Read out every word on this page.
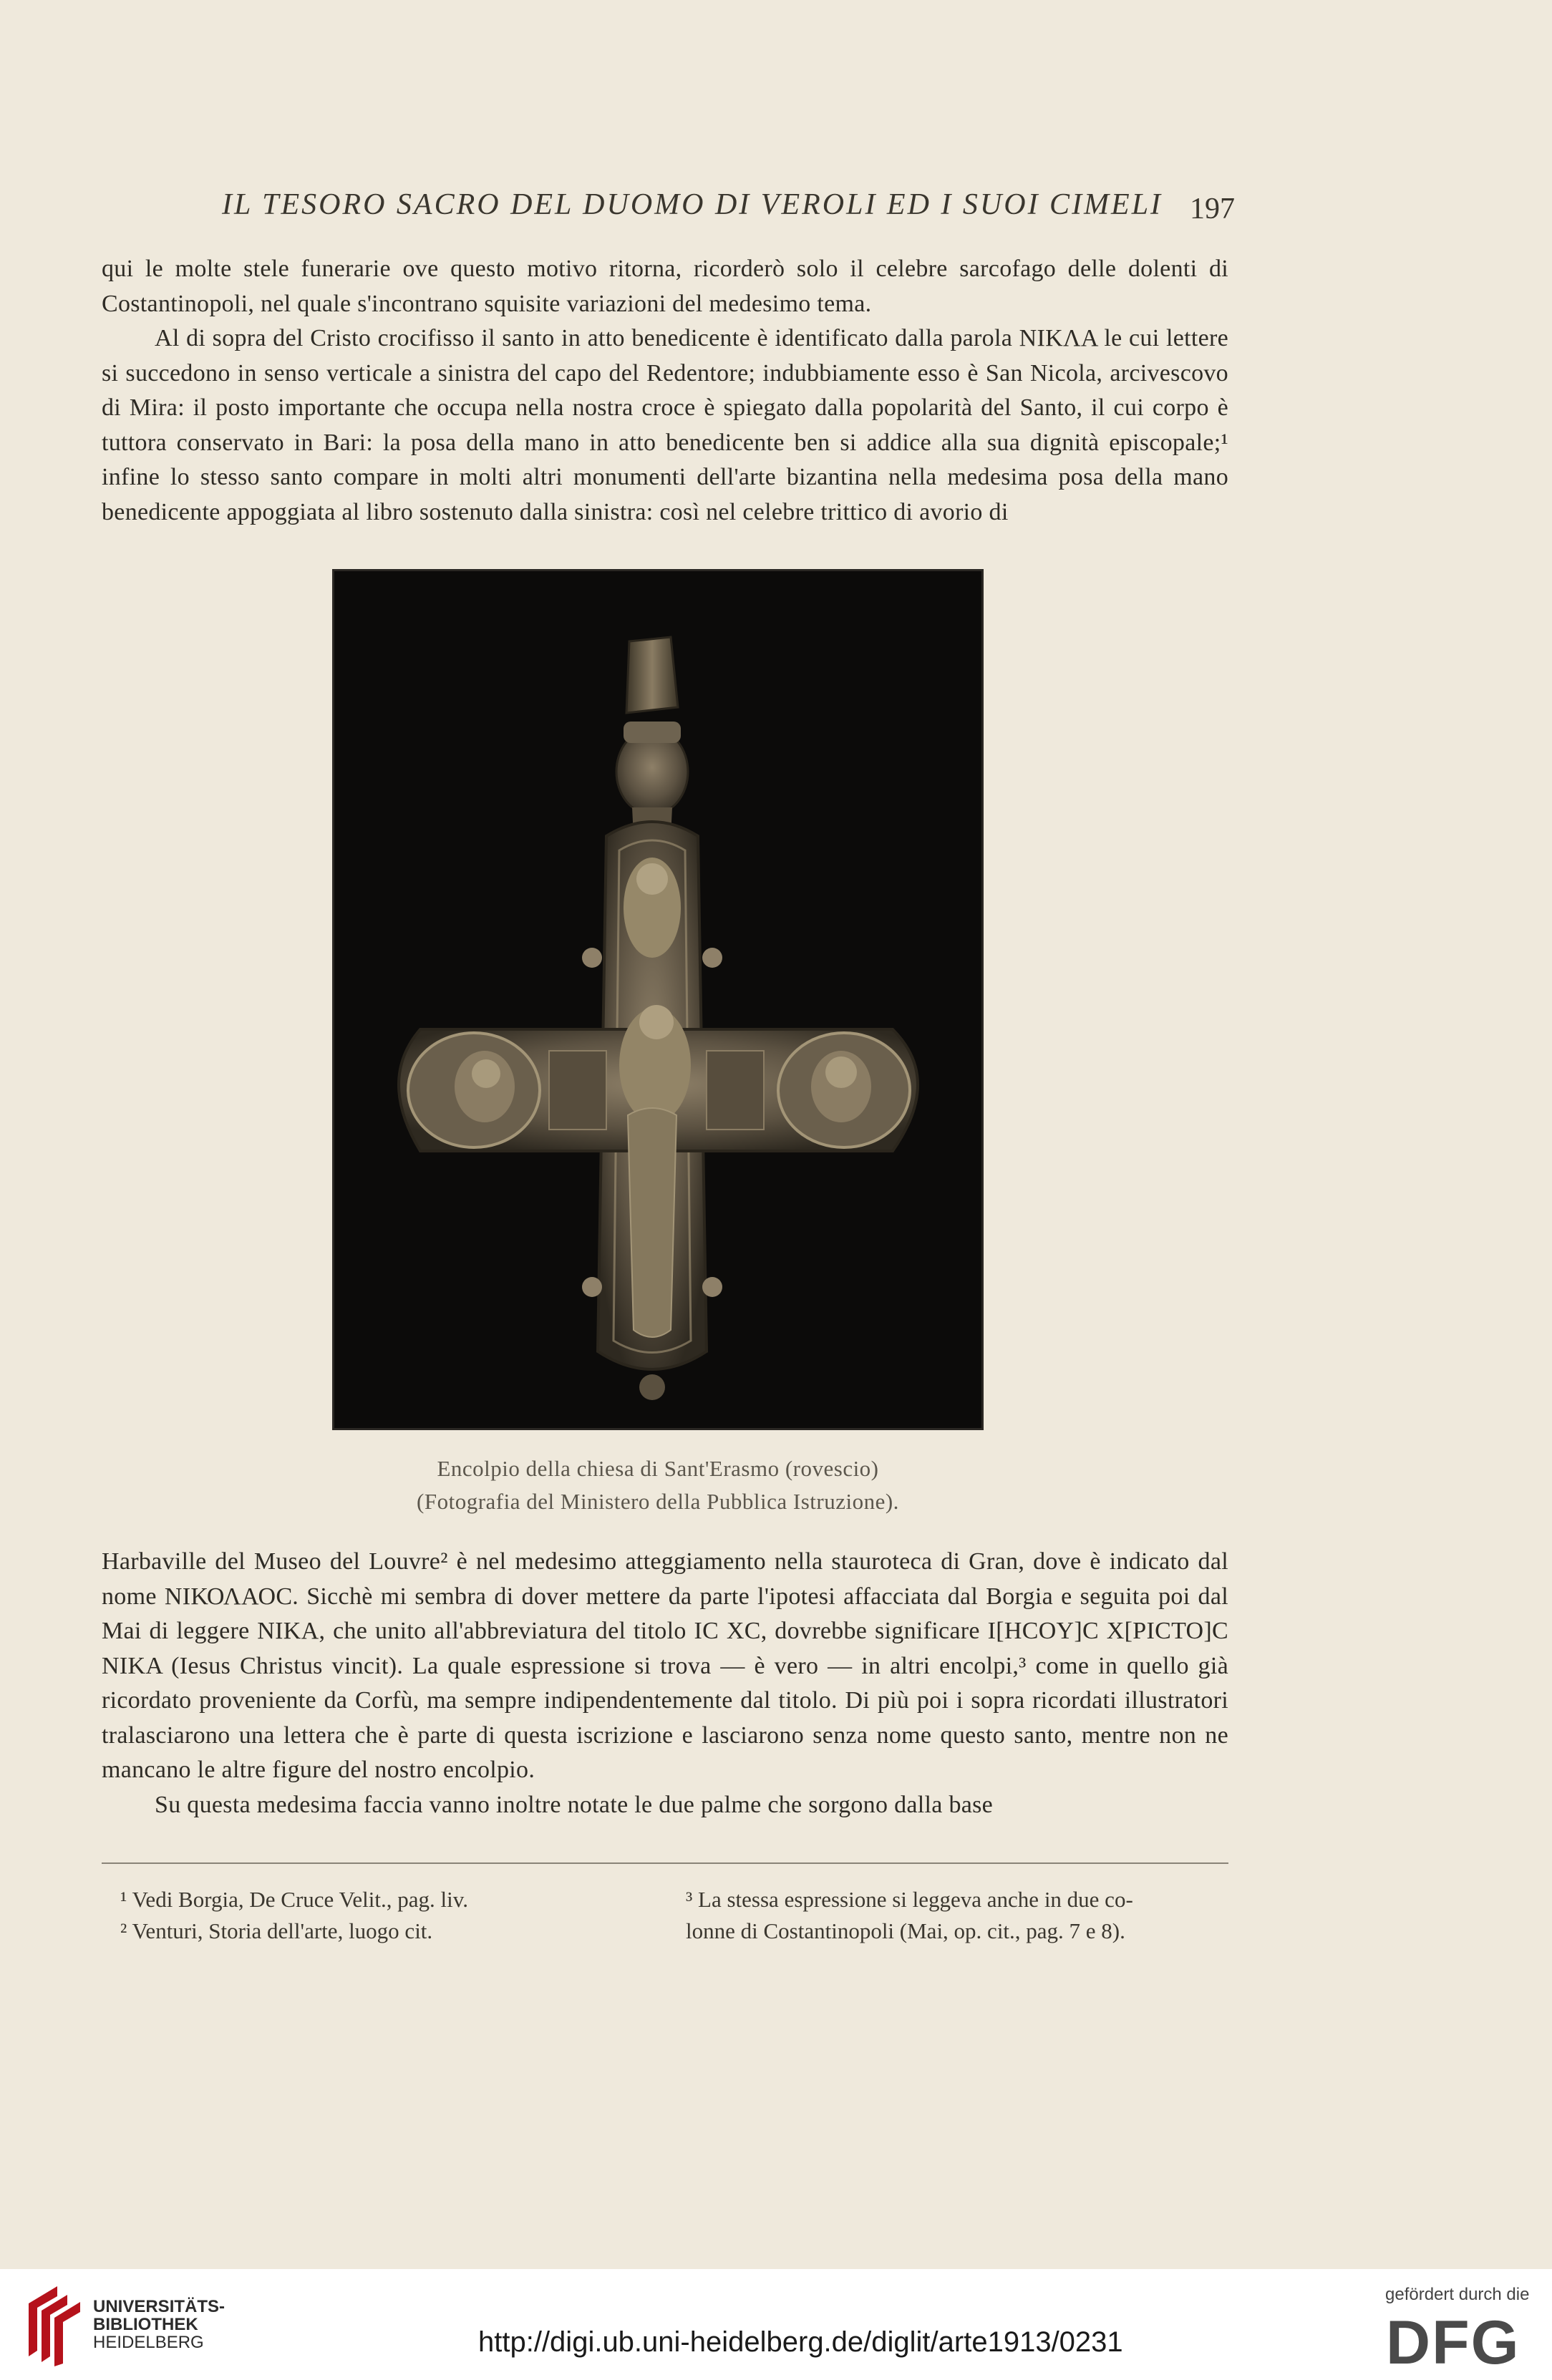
IL TESORO SACRO DEL DUOMO DI VEROLI ED I SUOI CIMELI 197

qui le molte stele funerarie ove questo motivo ritorna, ricorderò solo il celebre sarcofago delle dolenti di Costantinopoli, nel quale s'incontrano squisite variazioni del medesimo tema.

Al di sopra del Cristo crocifisso il santo in atto benedicente è identificato dalla parola ΝΙΚΛΑ le cui lettere si succedono in senso verticale a sinistra del capo del Redentore; indubbiamente esso è San Nicola, arcivescovo di Mira: il posto importante che occupa nella nostra croce è spiegato dalla popolarità del Santo, il cui corpo è tuttora conservato in Bari: la posa della mano in atto benedicente ben si addice alla sua dignità episcopale;¹ infine lo stesso santo compare in molti altri monumenti dell'arte bizantina nella medesima posa della mano benedicente appoggiata al libro sostenuto dalla sinistra: così nel celebre trittico di avorio di

Encolpio della chiesa di Sant'Erasmo (rovescio)
(Fotografia del Ministero della Pubblica Istruzione).

Harbaville del Museo del Louvre² è nel medesimo atteggiamento nella stauroteca di Gran, dove è indicato dal nome ΝΙΚΟΛΑΟϹ. Sicchè mi sembra di dover mettere da parte l'ipotesi affacciata dal Borgia e seguita poi dal Mai di leggere ΝΙΚΑ, che unito all'abbreviatura del titolo IC XC, dovrebbe significare I[HCOY]C X[PICTO]C NIKA (Iesus Christus vincit). La quale espressione si trova — è vero — in altri encolpi,³ come in quello già ricordato proveniente da Corfù, ma sempre indipendentemente dal titolo. Di più poi i sopra ricordati illustratori tralasciarono una lettera che è parte di questa iscrizione e lasciarono senza nome questo santo, mentre non ne mancano le altre figure del nostro encolpio.

Su questa medesima faccia vanno inoltre notate le due palme che sorgono dalla base

¹ Vedi Borgia, De Cruce Velit., pag. liv.
² Venturi, Storia dell'arte, luogo cit.
³ La stessa espressione si leggeva anche in due co-
lonne di Costantinopoli (Mai, op. cit., pag. 7 e 8).
UNIVERSITÄTS-
BIBLIOTHEK
HEIDELBERG	http://digi.ub.uni-heidelberg.de/diglit/arte1913/0231
gefördert durch die
DFG
